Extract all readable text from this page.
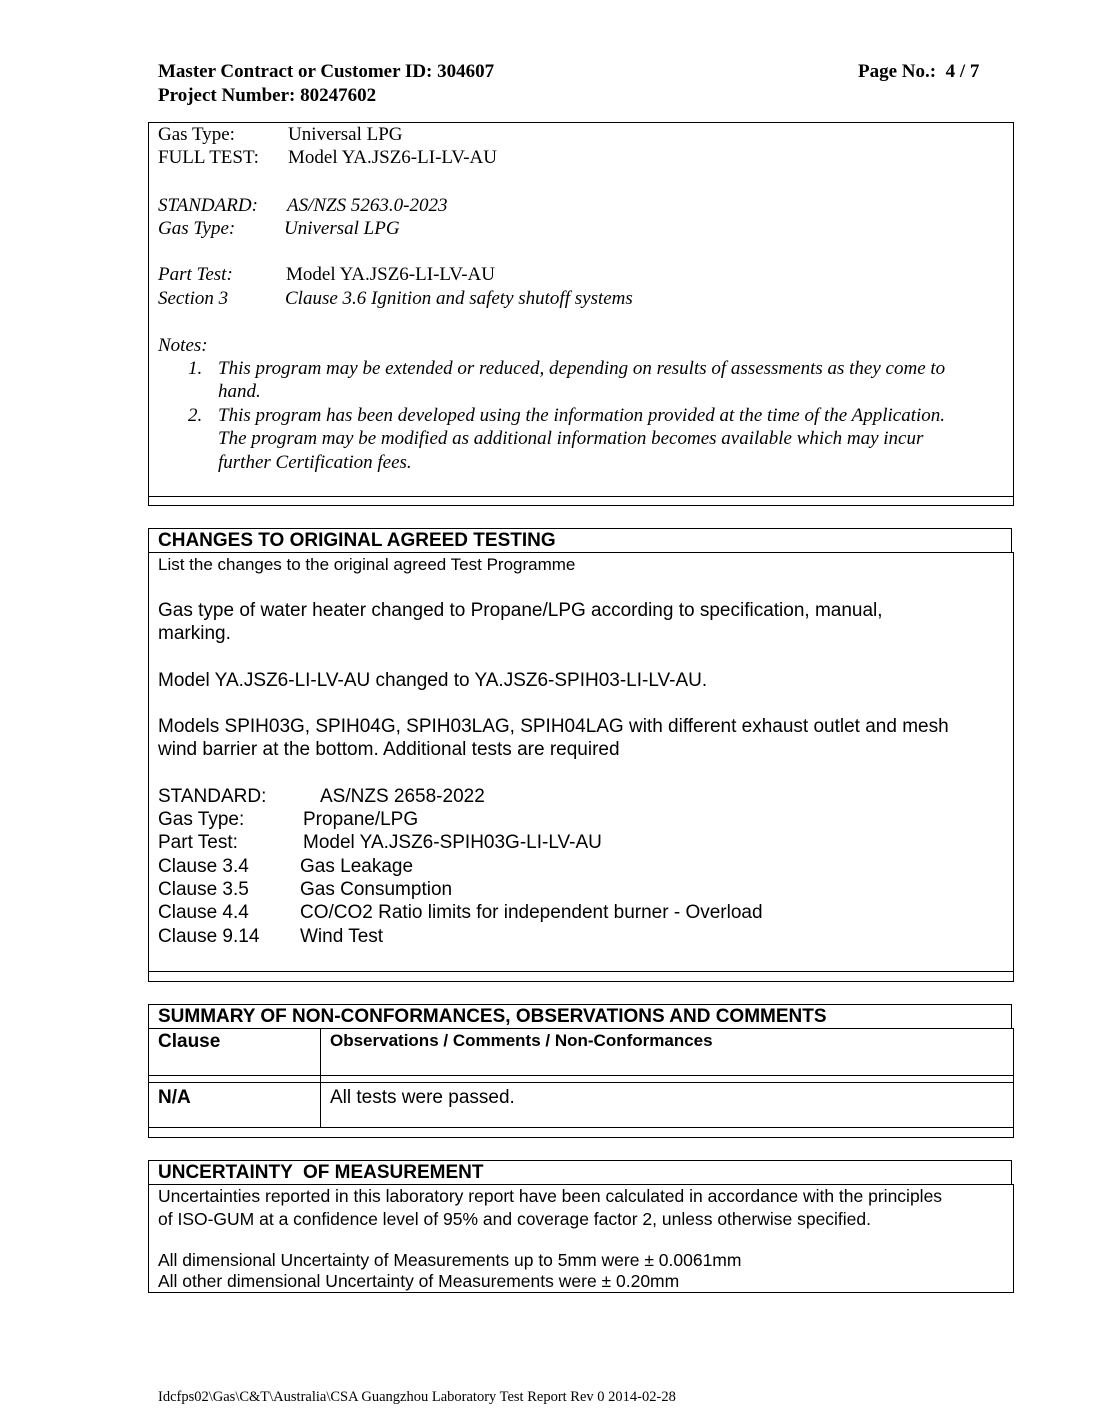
Master Contract or Customer ID: 304607
Project Number: 80247602
Page No.: 4 / 7
Gas Type:	Universal LPG
FULL TEST: Model YA.JSZ6-LI-LV-AU
STANDARD: AS/NZS 5263.0-2023
Gas Type:	Universal LPG
Part Test:	Model YA.JSZ6-LI-LV-AU
Section 3	Clause 3.6 Ignition and safety shutoff systems
Notes:
1. This program may be extended or reduced, depending on results of assessments as they come to
hand.
2. This program has been developed using the information provided at the time of the Application.
The program may be modified as additional information becomes available which may incur
further Certification fees.
CHANGES TO ORIGINAL AGREED TESTING
List the changes to the original agreed Test Programme
Gas type of water heater changed to Propane/LPG according to specification, manual,
marking.
Model YA.JSZ6-LI-LV-AU changed to YA.JSZ6-SPIH03-LI-LV-AU.
Models SPIH03G, SPIH04G, SPIH03LAG, SPIH04LAG with different exhaust outlet and mesh
wind barrier at the bottom. Additional tests are required
STANDARD:	AS/NZS 2658-2022
Gas Type:	Propane/LPG
Part Test:	Model YA.JSZ6-SPIH03G-LI-LV-AU
Clause 3.4	Gas Leakage
Clause 3.5	Gas Consumption
Clause 4.4	CO/CO2 Ratio limits for independent burner - Overload
Clause 9.14 Wind Test
SUMMARY OF NON-CONFORMANCES, OBSERVATIONS AND COMMENTS
Clause	Observations / Comments / Non-Conformances
N/A	All tests were passed.
UNCERTAINTY  OF MEASUREMENT
Uncertainties reported in this laboratory report have been calculated in accordance with the principles
of ISO-GUM at a confidence level of 95% and coverage factor 2, unless otherwise specified.
All dimensional Uncertainty of Measurements up to 5mm were ± 0.0061mm
All other dimensional Uncertainty of Measurements were ± 0.20mm
Idcfps02\Gas\C&T\Australia\CSA Guangzhou Laboratory Test Report Rev 0 2014-02-28
